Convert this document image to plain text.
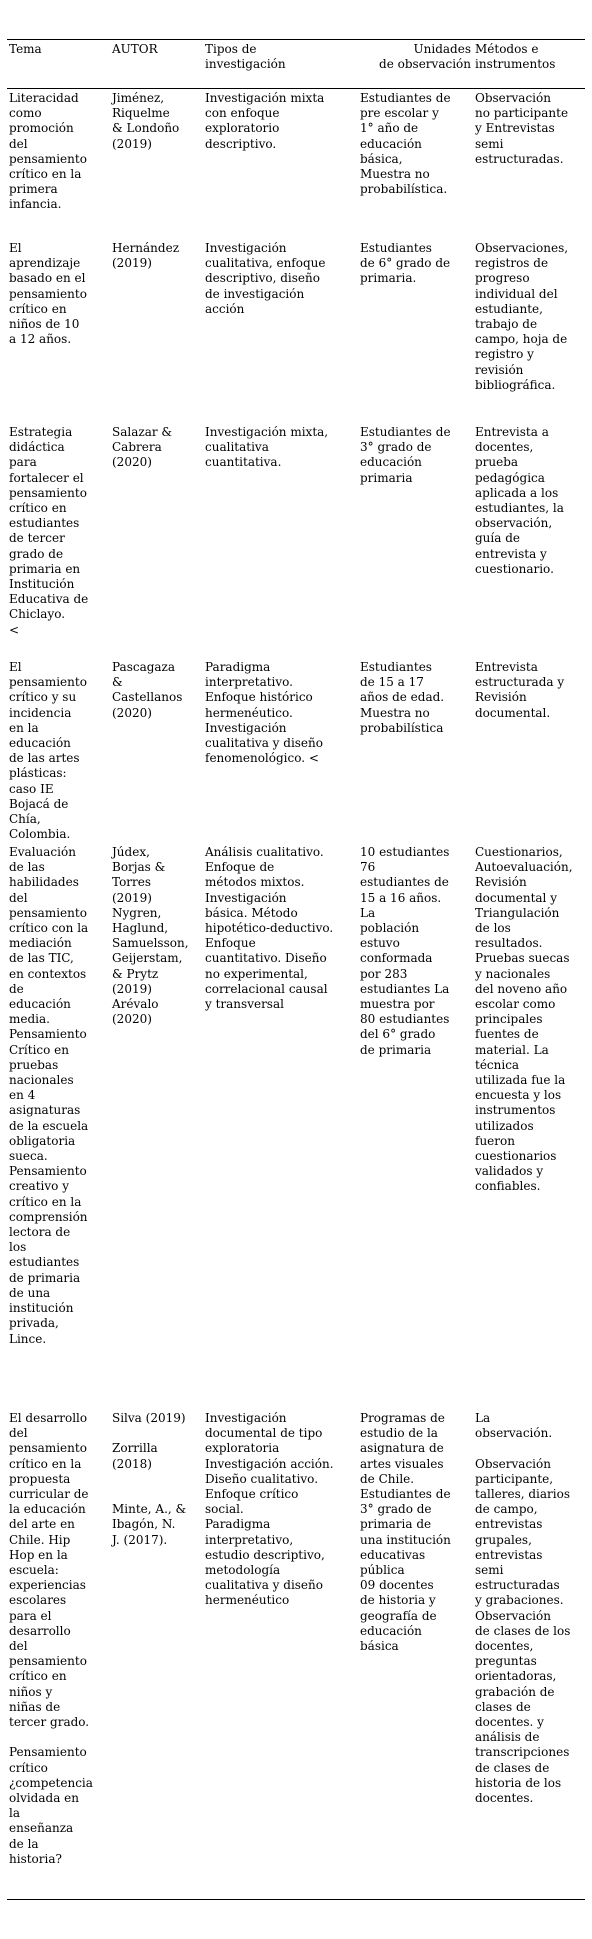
Tema	AUTOR	Tipos de
investigación
Unidades
de observación
Métodos e
instrumentos
Literacidad
como
promoción
del
pensamiento
crítico en la
primera
infancia.
Jiménez,
Riquelme
& Londoño
(2019)
Investigación mixta
con enfoque
exploratorio
descriptivo.
Estudiantes de
pre escolar y
1° año de
educación
básica,
Muestra no
probabilística.
Observación
no participante
y Entrevistas
semi
estructuradas.
El
aprendizaje
basado en el
pensamiento
crítico en
niños de 10
a 12 años.
Hernández
(2019)
Investigación
cualitativa, enfoque
descriptivo, diseño
de investigación
acción
Estudiantes
de 6° grado de
primaria.
Observaciones,
registros de
progreso
individual del
estudiante,
trabajo de
campo, hoja de
registro y
revisión
bibliográfica.
Estrategia
didáctica
para
fortalecer el
pensamiento
crítico en
estudiantes
de tercer
grado de
primaria en
Institución
Educativa de
Chiclayo.
<
Salazar &
Cabrera
(2020)
Investigación mixta,
cualitativa
cuantitativa.
Estudiantes de
3° grado de
educación
primaria
Entrevista a
docentes,
prueba
pedagógica
aplicada a los
estudiantes, la
observación,
guía de
entrevista y
cuestionario.
El
pensamiento
crítico y su
incidencia
en la
educación
de las artes
plásticas:
caso IE
Bojacá de
Chía,
Colombia.
Pascagaza
&
Castellanos
(2020)
Paradigma
interpretativo.
Enfoque histórico
hermenéutico.
Investigación
cualitativa y diseño
fenomenológico. <
Estudiantes
de 15 a 17
años de edad.
Muestra no
probabilística
Entrevista
estructurada y
Revisión
documental.
Evaluación
de las
habilidades
del
pensamiento
crítico con la
mediación
de las TIC,
en contextos
de
educación
media.
Pensamiento
Crítico en
pruebas
nacionales
en 4
asignaturas
de la escuela
obligatoria
sueca.
Pensamiento
creativo y
crítico en la
comprensión
lectora de
los
estudiantes
de primaria
de una
institución
privada,
Lince.
Júdex,
Borjas &
Torres
(2019)
Nygren,
Haglund,
Samuelsson,
Geijerstam,
& Prytz
(2019)
Arévalo
(2020)
Análisis cualitativo.
Enfoque de
métodos mixtos.
Investigación
básica. Método
hipotético-deductivo.
Enfoque
cuantitativo. Diseño
no experimental,
correlacional causal
y transversal
10 estudiantes
76
estudiantes de
15 a 16 años.
La
población
estuvo
conformada
por 283
estudiantes La
muestra por
80 estudiantes
del 6° grado
de primaria
Cuestionarios,
Autoevaluación,
Revisión
documental y
Triangulación
de los
resultados.
Pruebas suecas
y nacionales
del noveno año
escolar como
principales
fuentes de
material. La
técnica
utilizada fue la
encuesta y los
instrumentos
utilizados
fueron
cuestionarios
validados y
confiables.
El desarrollo
del
pensamiento
crítico en la
propuesta
curricular de
la educación
del arte en
Chile. Hip
Hop en la
escuela:
experiencias
escolares
para el
desarrollo
del
pensamiento
crítico en
niños y
niñas de
tercer grado.

Pensamiento
crítico
¿competencia
olvidada en
la
enseñanza
de la
historia?
Silva (2019)

Zorrilla
(2018)

Minte, A., &
Ibagón, N.
J. (2017).
Investigación
documental de tipo
exploratoria
Investigación acción.
Diseño cualitativo.
Enfoque crítico
social.
Paradigma
interpretativo,
estudio descriptivo,
metodología
cualitativa y diseño
hermenéutico
Programas de
estudio de la
asignatura de
artes visuales
de Chile.
Estudiantes de
3° grado de
primaria de
una institución
educativas
pública
09 docentes
de historia y
geografía de
educación
básica
La
observación.

Observación
participante,
talleres, diarios
de campo,
entrevistas
grupales,
entrevistas
semi
estructuradas
y grabaciones.
Observación
de clases de los
docentes,
preguntas
orientadoras,
grabación de
clases de
docentes. y
análisis de
transcripciones
de clases de
historia de los
docentes.
